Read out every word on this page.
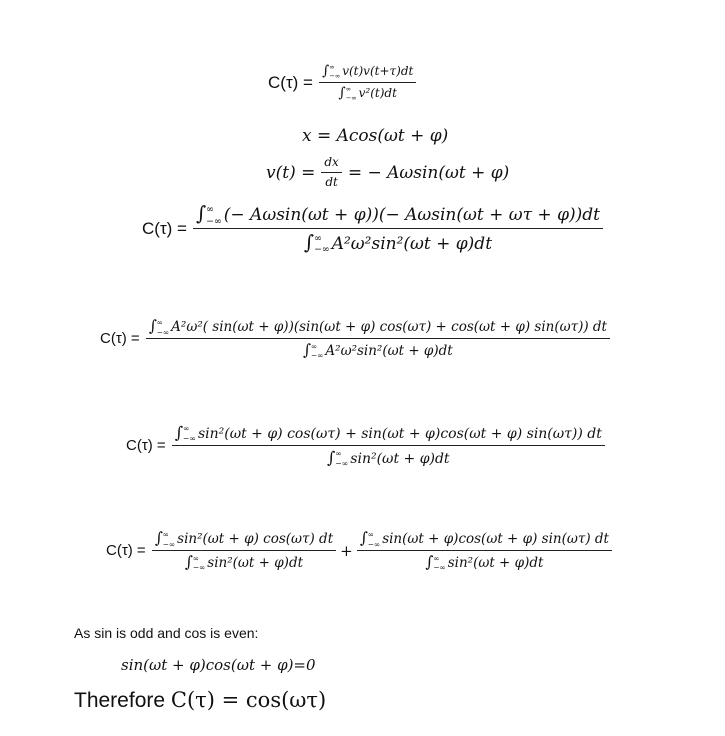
C(τ) = ∫ ∞
−∞ v(t)v(t+τ)dt
∫ ∞
−∞ v²(t)dt
x = Acos(ωt + φ)
$v(t) = \frac{dx}{dt}$ = − Aωsin(ωt + φ)
C(τ) = ∫ ∞
−∞ (− Aωsin(ωt + φ))(− Aωsin(ωt + ωτ + φ))dt
∫ ∞
−∞ A²ω²sin²(ωt + φ)dt
C(τ) =
∫ ∞
−∞ A²ω²( sin(ωt + φ))(sin(ωt + φ) cos(ωτ) + cos(ωt + φ) sin(ωτ)) dt
∫ ∞
−∞ A²ω²sin²(ωt + φ)dt
C(τ) =
∫ ∞
−∞ sin²(ωt + φ) cos(ωτ) + sin(ωt + φ)cos(ωt + φ) sin(ωτ)) dt
∫ ∞
−∞ sin²(ωt + φ)dt
C(τ) = ∫ ∞
−∞ sin²(ωt + φ) cos(ωτ) dt
∫ ∞
−∞ sin²(ωt + φ)dt + ∫ ∞
−∞ sin(ωt + φ)cos(ωt + φ) sin(ωτ) dt
∫ ∞
−∞ sin²(ωt + φ)dt
As sin is odd and cos is even:
sin(ωt + φ)cos(ωt + φ)=0
Therefore C(τ) = cos(ωτ)
